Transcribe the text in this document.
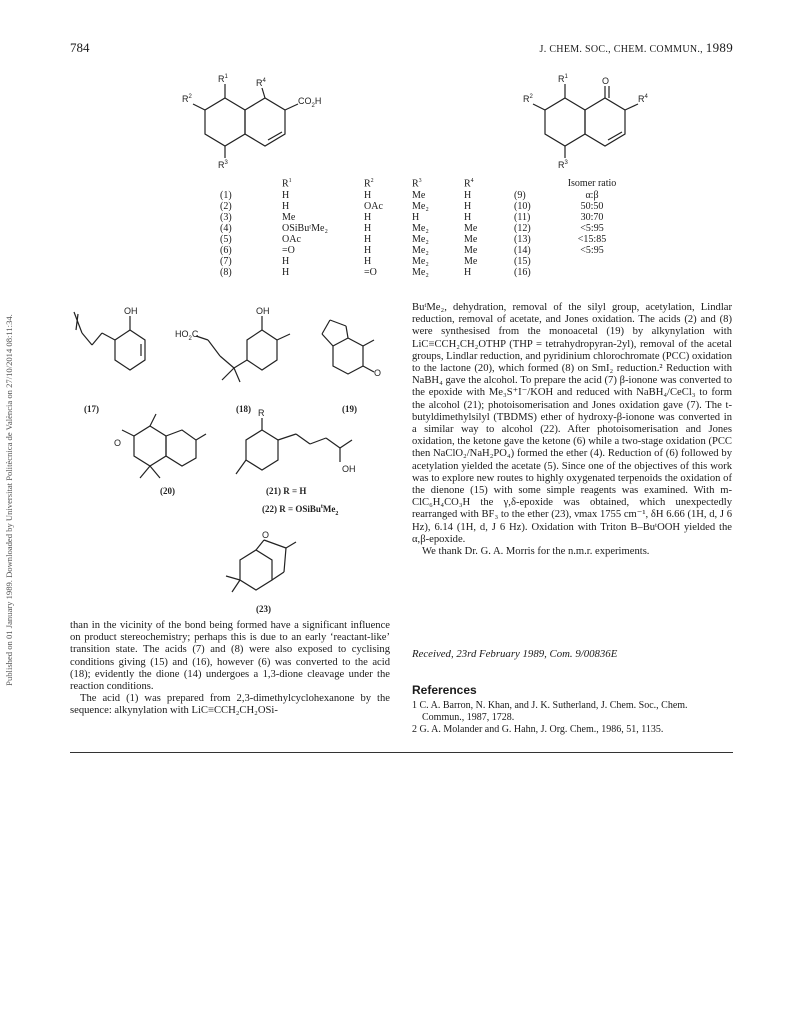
784	J. CHEM. SOC., CHEM. COMMUN., 1989
Published on 01 January 1989. Downloaded by Universitat Politècnica de València on 27/10/2014 08:11:34.
$R^1$
$R^2$
$R^3$
$R^4$
$CO_2H$
$R^1$
$R^2$
$R^3$
$R^4$
O
OH	OH
$HO_2C$
O
O
R
OH
O
(17)	(18)	(19)
(20)	(21) R = H
(22) $R = OSiBu^tMe_2$
(23)
	$R^1$	$R^2$	$R^3$	$R^4$		Isomer ratio
(1)	H	H	Me	H	(9)	α:β
(2)	H	OAc	Me₂	H	(10)	50:50
(3)	Me	H	H	H	(11)	30:70
(4)	OSiBuᵗMe₂	H	Me₂	Me	(12)	<5:95
(5)	OAc	H	Me₂	Me	(13)	<15:85
(6)	=O	H	Me₂	Me	(14)	<5:95
(7)	H	H	Me₂	Me	(15)	
(8)	H	=O	Me₂	H	(16)	

than in the vicinity of the bond being formed have a significant influence on product stereochemistry; perhaps this is due to an early ‘reactant-like’ transition state. The acids (7) and (8) were also exposed to cyclising conditions giving (15) and (16), however (6) was converted to the acid (18); evidently the dione (14) undergoes a 1,3-dione cleavage under the reaction conditions.

The acid (1) was prepared from 2,3-dimethylcyclohexanone by the sequence: alkynylation with LiC≡CCH₂CH₂OSi-

BuᵗMe₂, dehydration, removal of the silyl group, acetylation, Lindlar reduction, removal of acetate, and Jones oxidation. The acids (2) and (8) were synthesised from the monoacetal (19) by alkynylation with LiC≡CCH₂CH₂OTHP (THP = tetrahydropyran-2yl), removal of the acetal groups, Lindlar reduction, and pyridinium chlorochromate (PCC) oxidation to the lactone (20), which formed (8) on SmI₂ reduction.² Reduction with NaBH₄ gave the alcohol. To prepare the acid (7) β-ionone was converted to the epoxide with Me₃S⁺I⁻/KOH and reduced with NaBH₄/CeCl₃ to form the alcohol (21); photoisomerisation and Jones oxidation gave (7). The t-butyldimethylsilyl (TBDMS) ether of hydroxy-β-ionone was converted in a similar way to alcohol (22). After photoisomerisation and Jones oxidation, the ketone gave the ketone (6) while a two-stage oxidation (PCC then NaClO₂/NaH₂PO₄) formed the ether (4). Reduction of (6) followed by acetylation yielded the acetate (5). Since one of the objectives of this work was to explore new routes to highly oxygenated terpenoids the oxidation of the dienone (15) with some simple reagents was examined. With m-ClC₆H₄CO₃H the γ,δ-epoxide was obtained, which unexpectedly rearranged with BF₃ to the ether (23), νmax 1755 cm⁻¹, δH 6.66 (1H, d, J 6 Hz), 6.14 (1H, d, J 6 Hz). Oxidation with Triton B–BuᵗOOH yielded the α,β-epoxide.

We thank Dr. G. A. Morris for the n.m.r. experiments.

Received, 23rd February 1989, Com. 9/00836E
References
1 C. A. Barron, N. Khan, and J. K. Sutherland, J. Chem. Soc., Chem. Commun., 1987, 1728.
2 G. A. Molander and G. Hahn, J. Org. Chem., 1986, 51, 1135.
